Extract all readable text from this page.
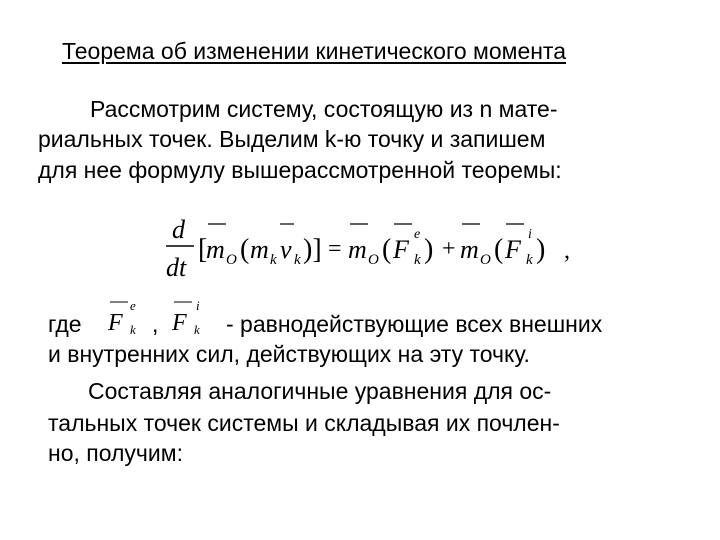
Теорема об изменении кинетического момента

Рассмотрим систему, состоящую из n мате-

риальных точек. Выделим k-ю точку и запишем

для нее формулу вышерассмотренной теоремы:

d
dt
[
m O ( m k v k )] = m O ( F
e
k ) + m O ( F
i
k ) ,

где F
e
k , F
i
k - равнодействующие всех внешних

и внутренних сил, действующих на эту точку.

Составляя аналогичные уравнения для ос-

тальных точек системы и складывая их почлен-

но, получим:
